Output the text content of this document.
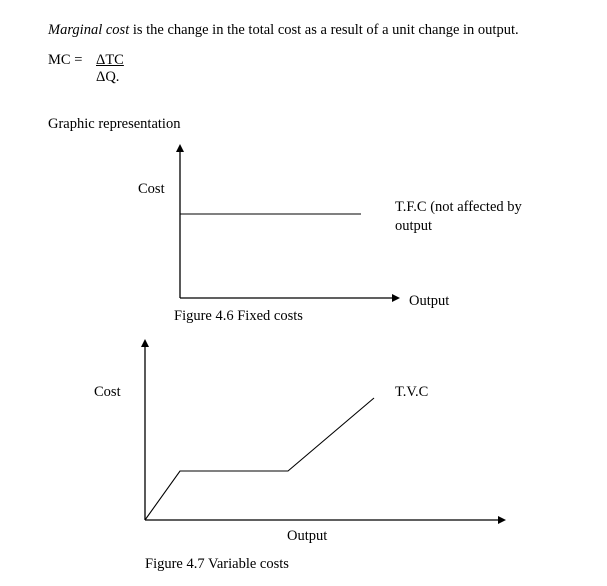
Marginal cost is the change in the total cost as a result of a unit change in output.
MC = ΔTC
ΔQ.
Graphic representation
Cost
T.F.C (not affected by output
Output
Figure 4.6 Fixed costs
Cost	T.V.C
Output
Figure 4.7 Variable costs
